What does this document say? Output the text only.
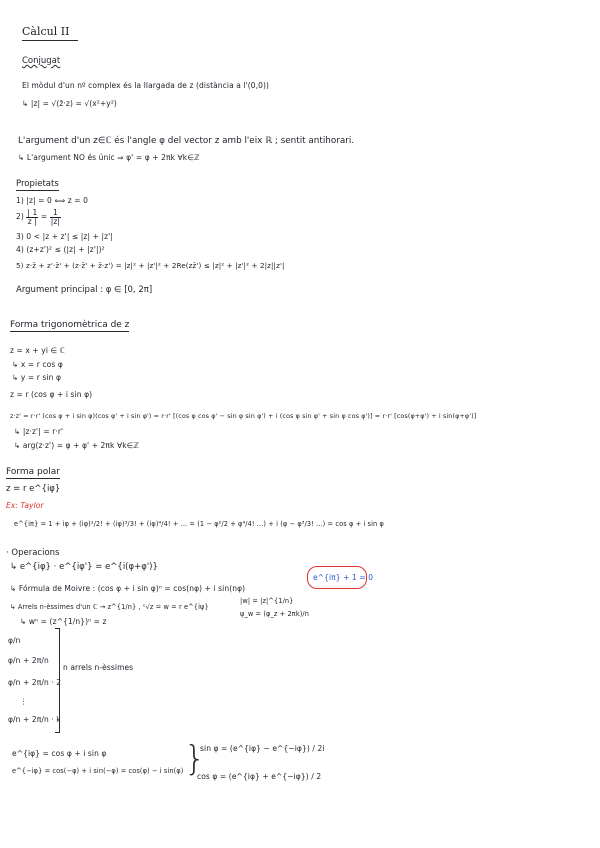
Càlcul II
Conjugat
El mòdul d'un nº complex és la llargada de z (distància a l'(0,0))
↳ |z| = √(z̄·z) = √(x²+y²)
L'argument d'un z∈ℂ és l'angle φ del vector z amb l'eix ℝ ; sentit antihorari.
↳ L'argument NO és únic ⇒ φ' = φ + 2πk ∀k∈ℤ
Propietats
1) |z| = 0 ⟺ z = 0
$2) \frac{| 1}{z |} = \frac{1}{|z|}$
3) 0 < |z + z'| ≤ |z| + |z'|
4) (z+z')² ≤ (|z| + |z'|)²
5) z·z̄ + z'·z̄' + (z·z̄' + z̄·z') = |z|² + |z'|² + 2Re(zz̄') ≤ |z|² + |z'|² + 2|z||z'|
Argument principal : φ ∈ [0, 2π]
Forma trigonomètrica de z
z = x + yi ∈ ℂ
↳ x = r cos φ
↳ y = r sin φ
z = r (cos φ + i sin φ)
z·z' = r·r' (cos φ + i sin φ)(cos φ' + i sin φ') = r·r' [(cos φ cos φ' − sin φ sin φ') + i (cos φ sin φ' + sin φ cos φ')] = r·r' [cos(φ+φ') + i sin(φ+φ')]
↳ |z·z'| = r·r'
↳ arg(z·z') = φ + φ' + 2πk ∀k∈ℤ
Forma polar
z = r e^{iφ}
Ex: Taylor
e^{iπ} = 1 + iφ + (iφ)²/2! + (iφ)³/3! + (iφ)⁴/4! + ... = (1 − φ²/2 + φ⁴/4! ...) + i (φ − φ³/3! ...) = cos φ + i sin φ
· Operacions
↳ e^{iφ} · e^{iφ'} = e^{i(φ+φ')}
↳ Fórmula de Moivre : (cos φ + i sin φ)ⁿ = cos(nφ) + i sin(nφ)
↳ Arrels n-èssimes d'un ℂ → z^{1/n} , ⁿ√z = w = r e^{iψ}
|w| = |z|^{1/n}
ψ_w = (φ_z + 2πk)/n
↳ wⁿ = (z^{1/n})ⁿ = z
e^{iπ} + 1 = 0
φ/n
φ/n + 2π/n
φ/n + 2π/n · 2
⋮
φ/n + 2π/n · k
n arrels n-èssimes
e^{iφ} = cos φ + i sin φ
e^{−iφ} = cos(−φ) + i sin(−φ) = cos(φ) − i sin(φ) }
sin φ = (e^{iφ} − e^{−iφ}) / 2i
cos φ = (e^{iφ} + e^{−iφ}) / 2
